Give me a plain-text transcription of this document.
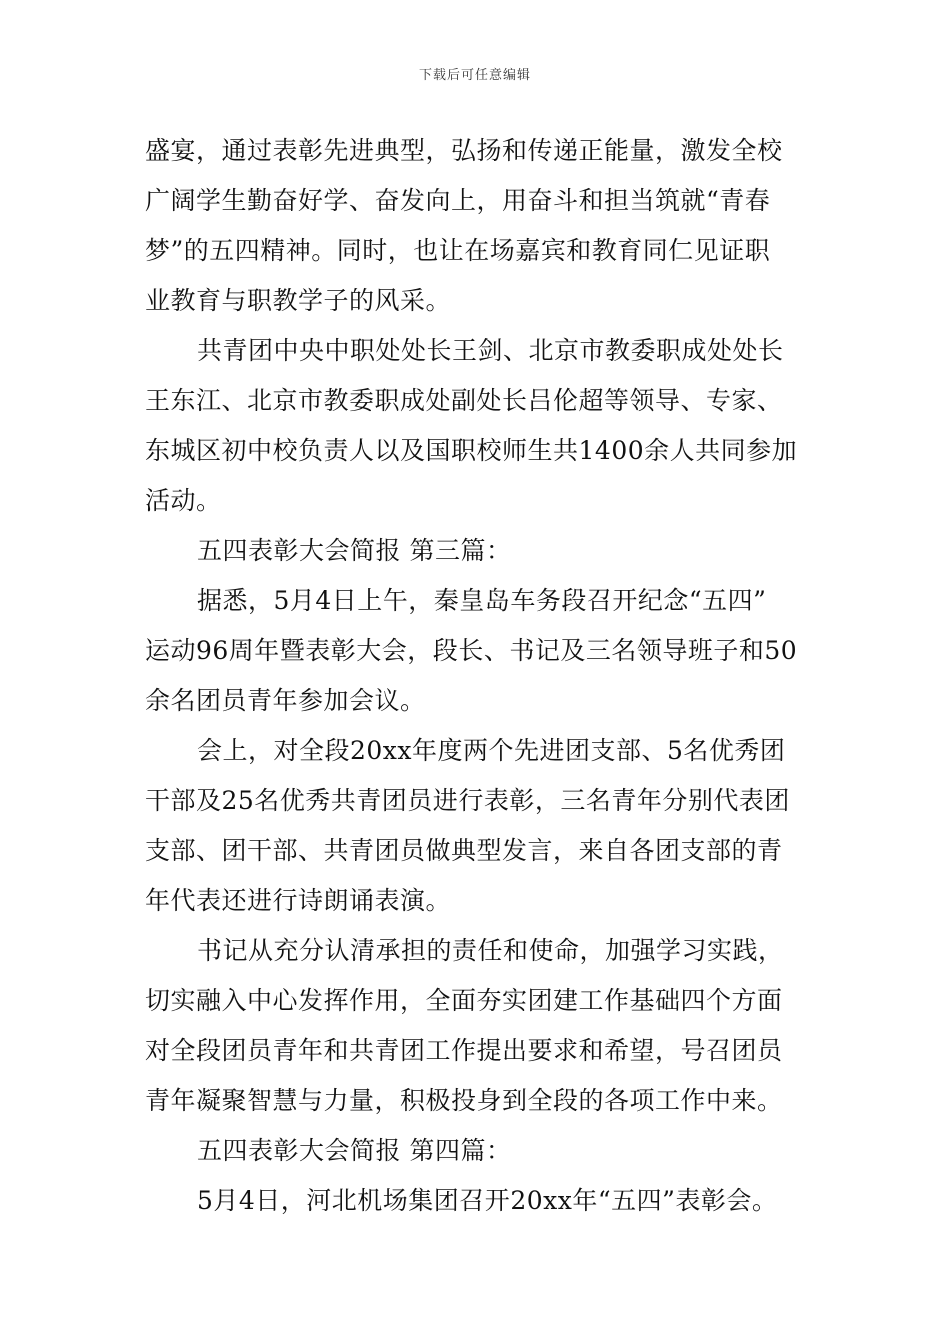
下载后可任意编辑
盛宴，通过表彰先进典型，弘扬和传递正能量，激发全校
广阔学生勤奋好学、奋发向上，用奋斗和担当筑就“青春
梦”的五四精神。同时，也让在场嘉宾和教育同仁见证职
业教育与职教学子的风采。
共青团中央中职处处长王剑、北京市教委职成处处长
王东江、北京市教委职成处副处长吕伦超等领导、专家、
东城区初中校负责人以及国职校师生共1400余人共同参加
活动。
五四表彰大会简报 第三篇：
据悉，5月4日上午，秦皇岛车务段召开纪念“五四”
运动96周年暨表彰大会，段长、书记及三名领导班子和50
余名团员青年参加会议。
会上，对全段20xx年度两个先进团支部、5名优秀团
干部及25名优秀共青团员进行表彰，三名青年分别代表团
支部、团干部、共青团员做典型发言，来自各团支部的青
年代表还进行诗朗诵表演。
书记从充分认清承担的责任和使命，加强学习实践，
切实融入中心发挥作用，全面夯实团建工作基础四个方面
对全段团员青年和共青团工作提出要求和希望，号召团员
青年凝聚智慧与力量，积极投身到全段的各项工作中来。
五四表彰大会简报 第四篇：
5月4日，河北机场集团召开20xx年“五四”表彰会。
